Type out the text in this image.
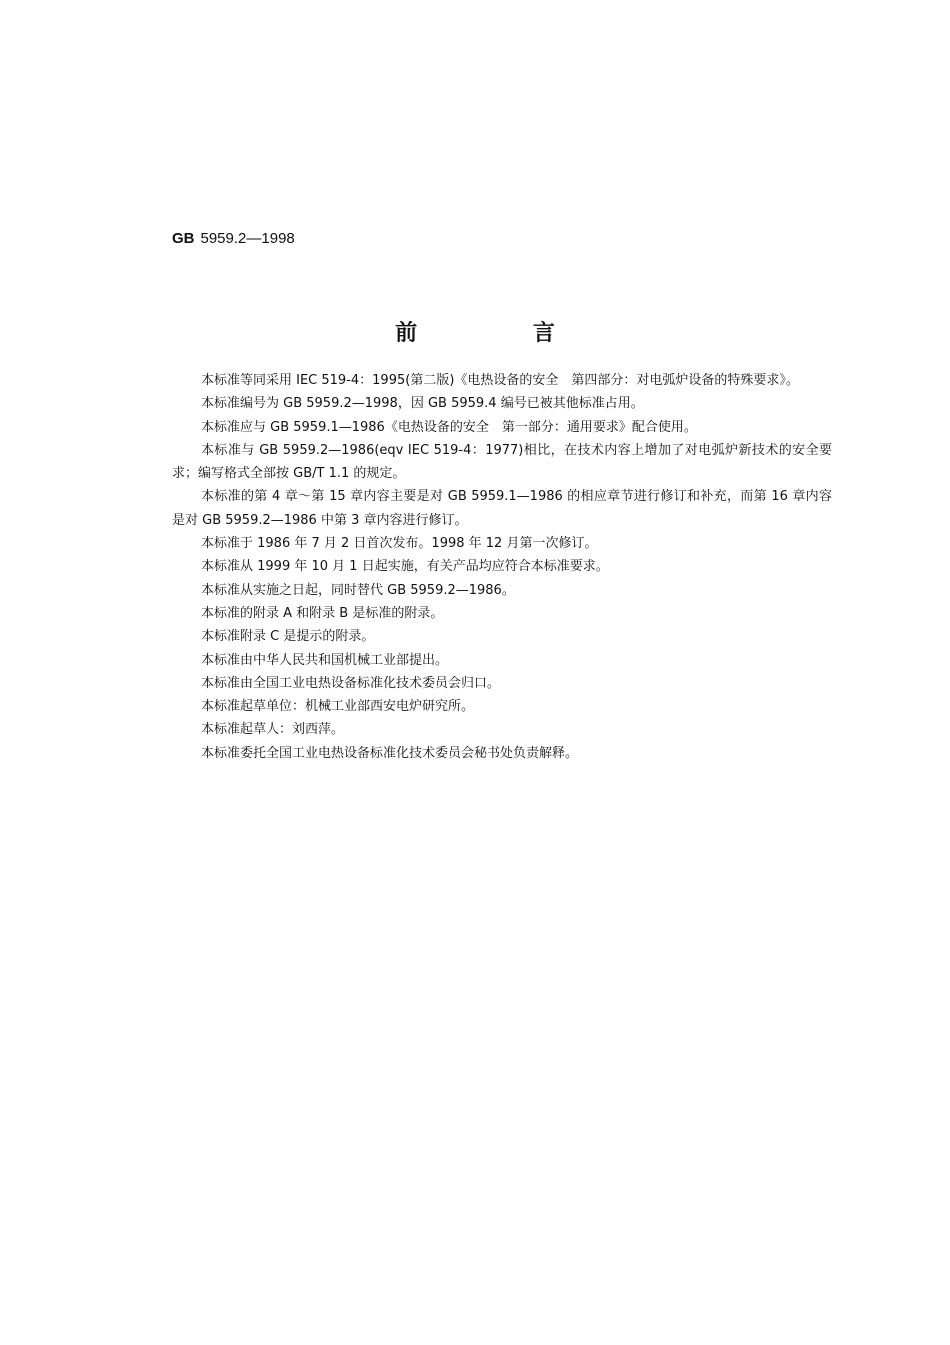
GB 5959.2—1998
前 言

本标准等同采用 IEC 519-4：1995(第二版)《电热设备的安全　第四部分：对电弧炉设备的特殊要求》。

本标准编号为 GB 5959.2—1998，因 GB 5959.4 编号已被其他标准占用。

本标准应与 GB 5959.1—1986《电热设备的安全　第一部分：通用要求》配合使用。

本标准与 GB 5959.2—1986(eqv IEC 519-4：1977)相比，在技术内容上增加了对电弧炉新技术的安全要求；编写格式全部按 GB/T 1.1 的规定。

本标准的第 4 章～第 15 章内容主要是对 GB 5959.1—1986 的相应章节进行修订和补充，而第 16 章内容是对 GB 5959.2—1986 中第 3 章内容进行修订。

本标准于 1986 年 7 月 2 日首次发布。1998 年 12 月第一次修订。

本标准从 1999 年 10 月 1 日起实施，有关产品均应符合本标准要求。

本标准从实施之日起，同时替代 GB 5959.2—1986。

本标准的附录 A 和附录 B 是标准的附录。

本标准附录 C 是提示的附录。

本标准由中华人民共和国机械工业部提出。

本标准由全国工业电热设备标准化技术委员会归口。

本标准起草单位：机械工业部西安电炉研究所。

本标准起草人：刘西萍。

本标准委托全国工业电热设备标准化技术委员会秘书处负责解释。
